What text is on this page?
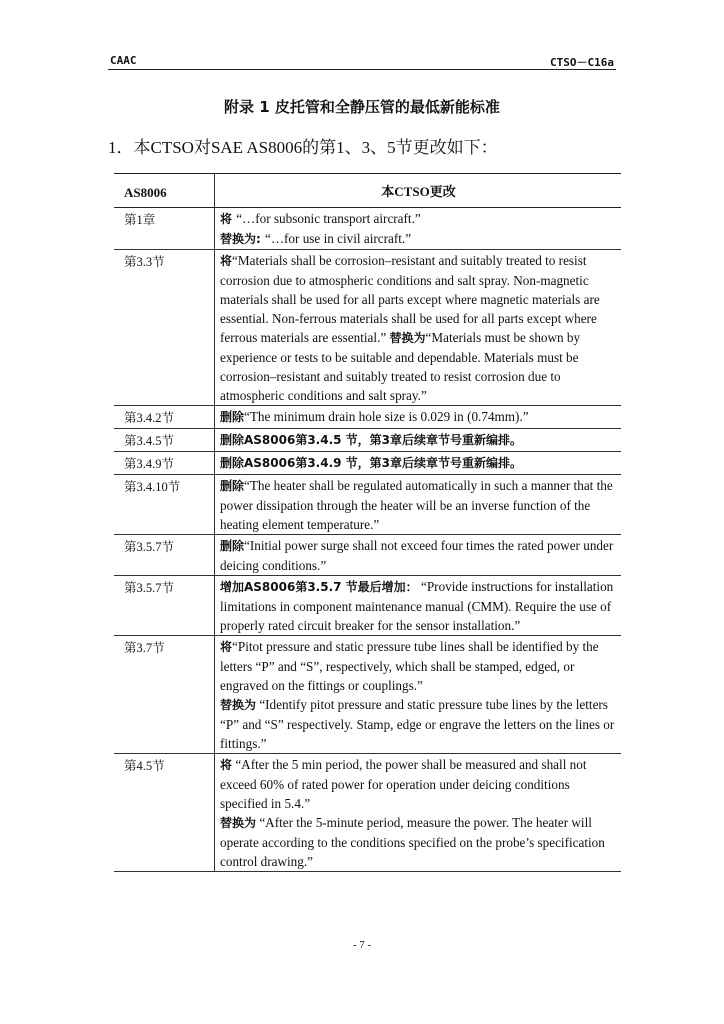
CAAC	CTSO－C16a
附录 1 皮托管和全静压管的最低新能标准
1．本CTSO对SAE AS8006的第1、3、5节更改如下：
AS8006	本CTSO更改
第1章	将 “…for subsonic transport aircraft.”
替换为: “…for use in civil aircraft.”

第3.3节	将“Materials shall be corrosion–resistant and suitably treated to resist corrosion due to atmospheric conditions and salt spray. Non-magnetic materials shall be used for all parts except where magnetic materials are essential. Non-ferrous materials shall be used for all parts except where ferrous materials are essential.” 替换为“Materials must be shown by experience or tests to be suitable and dependable. Materials must be corrosion–resistant and suitably treated to resist corrosion due to atmospheric conditions and salt spray.”
第3.4.2节	删除“The minimum drain hole size is 0.029 in (0.74mm).”

第3.4.5节	删除AS8006第3.4.5 节，第3章后续章节号重新编排。

第3.4.9节	删除AS8006第3.4.9 节，第3章后续章节号重新编排。

第3.4.10节	删除“The heater shall be regulated automatically in such a manner that the power dissipation through the heater will be an inverse function of the heating element temperature.”

第3.5.7节	删除“Initial power surge shall not exceed four times the rated power under deicing conditions.”

第3.5.7节	增加AS8006第3.5.7 节最后增加： “Provide instructions for installation limitations in component maintenance manual (CMM). Require the use of properly rated circuit breaker for the sensor installation.”

第3.7节	将“Pitot pressure and static pressure tube lines shall be identified by the letters “P” and “S”, respectively, which shall be stamped, edged, or engraved on the fittings or couplings.”
替换为 “Identify pitot pressure and static pressure tube lines by the letters “P” and “S” respectively. Stamp, edge or engrave the letters on the lines or fittings.”

第4.5节	将 “After the 5 min period, the power shall be measured and shall not exceed 60% of rated power for operation under deicing conditions specified in 5.4.”
替换为 “After the 5-minute period, measure the power. The heater will operate according to the conditions specified on the probe’s specification control drawing.”
- 7 -
